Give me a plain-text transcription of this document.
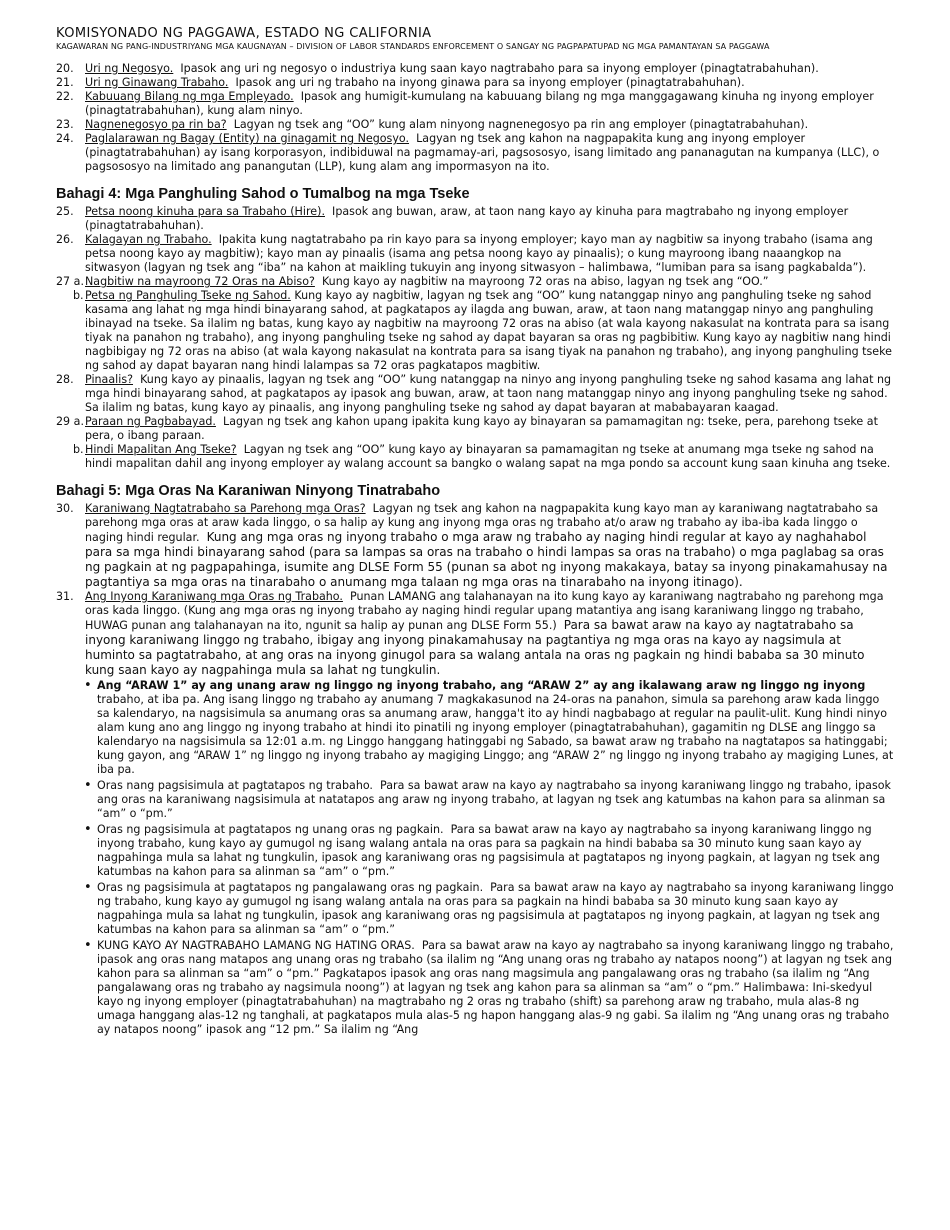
KOMISYONADO NG PAGGAWA, ESTADO NG CALIFORNIA

KAGAWARAN NG PANG-INDUSTRIYANG MGA KAUGNAYAN – DIVISION OF LABOR STANDARDS ENFORCEMENT O SANGAY NG PAGPAPATUPAD NG MGA PAMANTAYAN SA PAGGAWA

20.	Uri ng Negosyo. Ipasok ang uri ng negosyo o industriya kung saan kayo nagtrabaho para sa inyong employer (pinagtatrabahuhan).
21.	Uri ng Ginawang Trabaho. Ipasok ang uri ng trabaho na inyong ginawa para sa inyong employer (pinagtatrabahuhan).
22.	Kabuuang Bilang ng mga Empleyado. Ipasok ang humigit-kumulang na kabuuang bilang ng mga manggagawang kinuha ng inyong employer (pinagtatrabahuhan), kung alam ninyo.
23.	Nagnenegosyo pa rin ba? Lagyan ng tsek ang “OO” kung alam ninyong nagnenegosyo pa rin ang employer (pinagtatrabahuhan).
24.	Paglalarawan ng Bagay (Entity) na ginagamit ng Negosyo. Lagyan ng tsek ang kahon na nagpapakita kung ang inyong employer (pinagtatrabahuhan) ay isang korporasyon, indibiduwal na pagmamay-ari, pagsososyo, isang limitado ang pananagutan na kumpanya (LLC), o pagsososyo na limitado ang panangutan (LLP), kung alam ang impormasyon na ito.
Bahagi 4: Mga Panghuling Sahod o Tumalbog na mga Tseke
25.	Petsa noong kinuha para sa Trabaho (Hire). Ipasok ang buwan, araw, at taon nang kayo ay kinuha para magtrabaho ng inyong employer (pinagtatrabahuhan).
26.	Kalagayan ng Trabaho. Ipakita kung nagtatrabaho pa rin kayo para sa inyong employer; kayo man ay nagbitiw sa inyong trabaho (isama ang petsa noong kayo ay magbitiw); kayo man ay pinaalis (isama ang petsa noong kayo ay pinaalis); o kung mayroong ibang naaangkop na sitwasyon (lagyan ng tsek ang “iba” na kahon at maikling tukuyin ang inyong sitwasyon – halimbawa, “lumiban para sa isang pagkabalda”).
27 a. Nagbitiw na mayroong 72 Oras na Abiso? Kung kayo ay nagbitiw na mayroong 72 oras na abiso, lagyan ng tsek ang “OO.”
b. Petsa ng Panghuling Tseke ng Sahod. Kung kayo ay nagbitiw, lagyan ng tsek ang “OO” kung natanggap ninyo ang panghuling tseke ng sahod kasama ang lahat ng mga hindi binayarang sahod, at pagkatapos ay ilagda ang buwan, araw, at taon nang matanggap ninyo ang panghuling ibinayad na tseke. Sa ilalim ng batas, kung kayo ay nagbitiw na mayroong 72 oras na abiso (at wala kayong nakasulat na kontrata para sa isang tiyak na panahon ng trabaho), ang inyong panghuling tseke ng sahod ay dapat bayaran sa oras ng pagbibitiw. Kung kayo ay nagbitiw nang hindi nagbibigay ng 72 oras na abiso (at wala kayong nakasulat na kontrata para sa isang tiyak na panahon ng trabaho), ang inyong panghuling tseke ng sahod ay dapat bayaran nang hindi lalampas sa 72 oras pagkatapos magbitiw.
28.	Pinaalis? Kung kayo ay pinaalis, lagyan ng tsek ang “OO” kung natanggap na ninyo ang inyong panghuling tseke ng sahod kasama ang lahat ng mga hindi binayarang sahod, at pagkatapos ay ipasok ang buwan, araw, at taon nang matanggap ninyo ang inyong panghuling tseke ng sahod. Sa ilalim ng batas, kung kayo ay pinaalis, ang inyong panghuling tseke ng sahod ay dapat bayaran at mababayaran kaagad.
29 a. Paraan ng Pagbabayad. Lagyan ng tsek ang kahon upang ipakita kung kayo ay binayaran sa pamamagitan ng: tseke, pera, parehong tseke at pera, o ibang paraan.
b. Hindi Mapalitan Ang Tseke? Lagyan ng tsek ang “OO” kung kayo ay binayaran sa pamamagitan ng tseke at anumang mga tseke ng sahod na hindi mapalitan dahil ang inyong employer ay walang account sa bangko o walang sapat na mga pondo sa account kung saan kinuha ang tseke.
Bahagi 5: Mga Oras Na Karaniwan Ninyong Tinatrabaho
30.	Karaniwang Nagtatrabaho sa Parehong mga Oras? Lagyan ng tsek ang kahon na nagpapakita kung kayo man ay karaniwang nagtatrabaho sa parehong mga oras at araw kada linggo, o sa halip ay kung ang inyong mga oras ng trabaho at/o araw ng trabaho ay iba-iba kada linggo o naging hindi regular. Kung ang mga oras ng inyong trabaho o mga araw ng trabaho ay naging hindi regular at kayo ay naghahabol para sa mga hindi binayarang sahod (para sa lampas sa oras na trabaho o hindi lampas sa oras na trabaho) o mga paglabag sa oras ng pagkain at ng pagpapahinga, isumite ang DLSE Form 55 (punan sa abot ng inyong makakaya, batay sa inyong pinakamahusay na pagtantiya sa mga oras na tinarabaho o anumang mga talaan ng mga oras na tinarabaho na inyong itinago).
31.	Ang Inyong Karaniwang mga Oras ng Trabaho. Punan LAMANG ang talahanayan na ito kung kayo ay karaniwang nagtrabaho ng parehong mga oras kada linggo. (Kung ang mga oras ng inyong trabaho ay naging hindi regular upang matantiya ang isang karaniwang linggo ng trabaho, HUWAG punan ang talahanayan na ito, ngunit sa halip ay punan ang DLSE Form 55.) Para sa bawat araw na kayo ay nagtatrabaho sa inyong karaniwang linggo ng trabaho, ibigay ang inyong pinakamahusay na pagtantiya ng mga oras na kayo ay nagsimula at huminto sa pagtatrabaho, at ang oras na inyong ginugol para sa walang antala na oras ng pagkain ng hindi bababa sa 30 minuto kung saan kayo ay nagpahinga mula sa lahat ng tungkulin.
• Ang “ARAW 1” ay ang unang araw ng linggo ng inyong trabaho, ang “ARAW 2” ay ang ikalawang araw ng linggo ng inyong trabaho, at iba pa. Ang isang linggo ng trabaho ay anumang 7 magkakasunod na 24-oras na panahon, simula sa parehong araw kada linggo sa kalendaryo, na nagsisimula sa anumang oras sa anumang araw, hangga't ito ay hindi nagbabago at regular na paulit-ulit. Kung hindi ninyo alam kung ano ang linggo ng inyong trabaho at hindi ito pinatili ng inyong employer (pinagtatrabahuhan), gagamitin ng DLSE ang linggo sa kalendaryo na nagsisimula sa 12:01 a.m. ng Linggo hanggang hatinggabi ng Sabado, sa bawat araw ng trabaho na nagtatapos sa hatinggabi; kung gayon, ang “ARAW 1” ng linggo ng inyong trabaho ay magiging Linggo; ang “ARAW 2” ng linggo ng inyong trabaho ay magiging Lunes, at iba pa.
• Oras nang pagsisimula at pagtatapos ng trabaho. Para sa bawat araw na kayo ay nagtrabaho sa inyong karaniwang linggo ng trabaho, ipasok ang oras na karaniwang nagsisimula at natatapos ang araw ng inyong trabaho, at lagyan ng tsek ang katumbas na kahon para sa alinman sa “am” o “pm.”
• Oras ng pagsisimula at pagtatapos ng unang oras ng pagkain. Para sa bawat araw na kayo ay nagtrabaho sa inyong karaniwang linggo ng inyong trabaho, kung kayo ay gumugol ng isang walang antala na oras para sa pagkain na hindi bababa sa 30 minuto kung saan kayo ay nagpahinga mula sa lahat ng tungkulin, ipasok ang karaniwang oras ng pagsisimula at pagtatapos ng inyong pagkain, at lagyan ng tsek ang katumbas na kahon para sa alinman sa “am” o “pm.”
• Oras ng pagsisimula at pagtatapos ng pangalawang oras ng pagkain. Para sa bawat araw na kayo ay nagtrabaho sa inyong karaniwang linggo ng trabaho, kung kayo ay gumugol ng isang walang antala na oras para sa pagkain na hindi bababa sa 30 minuto kung saan kayo ay nagpahinga mula sa lahat ng tungkulin, ipasok ang karaniwang oras ng pagsisimula at pagtatapos ng inyong pagkain, at lagyan ng tsek ang katumbas na kahon para sa alinman sa “am” o “pm.”
• KUNG KAYO AY NAGTRABAHO LAMANG NG HATING ORAS. Para sa bawat araw na kayo ay nagtrabaho sa inyong karaniwang linggo ng trabaho, ipasok ang oras nang matapos ang unang oras ng trabaho (sa ilalim ng “Ang unang oras ng trabaho ay natapos noong”) at lagyan ng tsek ang kahon para sa alinman sa “am” o “pm.” Pagkatapos ipasok ang oras nang magsimula ang pangalawang oras ng trabaho (sa ilalim ng “Ang pangalawang oras ng trabaho ay nagsimula noong”) at lagyan ng tsek ang kahon para sa alinman sa “am” o “pm.” Halimbawa: Ini-skedyul kayo ng inyong employer (pinagtatrabahuhan) na magtrabaho ng 2 oras ng trabaho (shift) sa parehong araw ng trabaho, mula alas-8 ng umaga hanggang alas-12 ng tanghali, at pagkatapos mula alas-5 ng hapon hanggang alas-9 ng gabi. Sa ilalim ng “Ang unang oras ng trabaho ay natapos noong” ipasok ang “12 pm.” Sa ilalim ng “Ang
